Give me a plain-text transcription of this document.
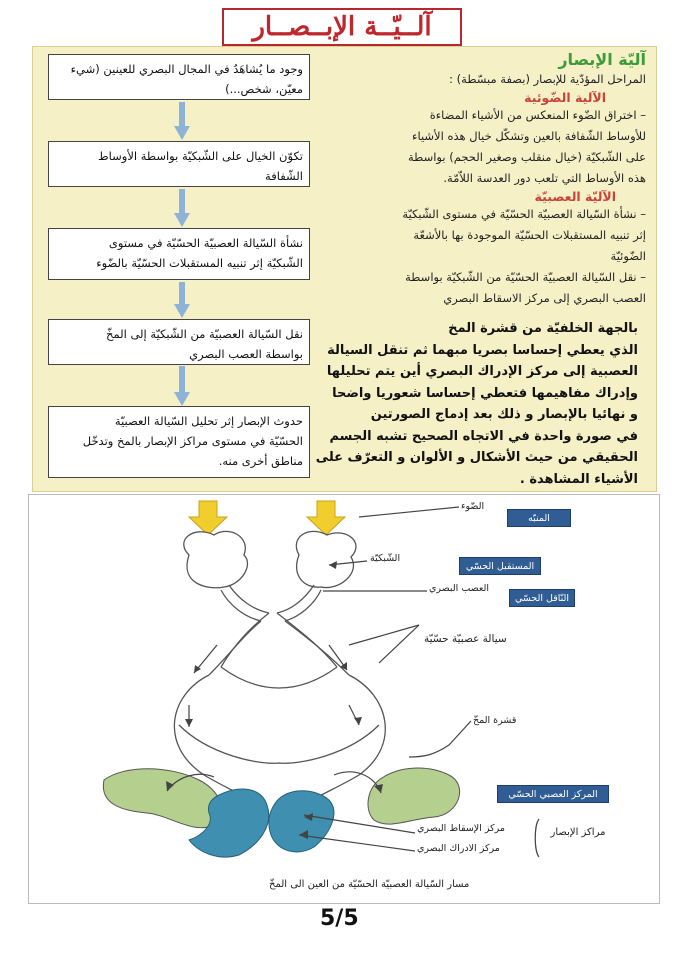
آلــيّــة الإبــصــار
وجود ما يُشاهَدُ في المجال البصري للعينين (شيء
معيّن، شخص...)
تكوّن الخيال على الشّبكيّة بواسطة الأوساط
الشّفافة
نشأة السّيالة العصبيّة الحسّيّة في مستوى
الشّبكيّة إثر تنبيه المستقبلات الحسّيّة بالضّوء
نقل السّيالة العصبيّة من الشّبكيّة إلى المخّ
بواسطة العصب البصري
حدوث الإبصار إثر تحليل السّيالة العصبيّة
الحسّيّة في مستوى مراكز الإبصار بالمخ وتدخّل
مناطق أخرى منه.
آليّة الإبصار
المراحل المؤدّية للإبصار (بصفة مبسّطة) :
الآلية الضّوئية
– اختراق الضّوء المنعكس من الأشياء المضاءة
للأوساط الشّفافة بالعين وتشكّل خيال هذه الأشياء
على الشّبكيّة (خيال منقلب وصغير الحجم) بواسطة
هذه الأوساط التي تلعب دور العدسة اللاّمّة.
الآليّة العصبيّة
– نشأة السّيالة العصبيّة الحسّيّة في مستوى الشّبكيّة
إثر تنبيه المستقبلات الحسّيّة الموجودة بها بالأشعّة
الضّوئيّة
– نقل السّيالة العصبيّة الحسّيّة من الشّبكيّة بواسطة
العصب البصري إلى مركز الاسقاط البصري
بالجهة الخلفيّة من قشرة المخ
الذي يعطي إحساسا بصريا مبهما ثم تنقل السيالة
العصبية إلى مركز الإدراك البصري أين يتم تحليلها
وإدراك مفاهيمها فتعطي إحساسا شعوريا واضحا
و نهائيا بالإبصار و ذلك بعد إدماج الصورتين
في صورة واحدة في الاتجاه الصحيح تشبه الجسم
الحقيقي من حيث الأشكال و الألوان و التعرّف على
الأشياء المشاهدة .
الضّوء
الشّبكيّة
العصب البصري
سيالة عصبيّة حسّيّة
قشرة المخّ
مركز الإسقاط البصري
مركز الادراك البصري
مراكز الإبصار
المنبّه
المستقبل الحسّي
النّاقل الحسّي
المركز العصبي الحسّي
مسار السّيالة العصبيّة الحسّيّة من العين الى المخّ
5/5
